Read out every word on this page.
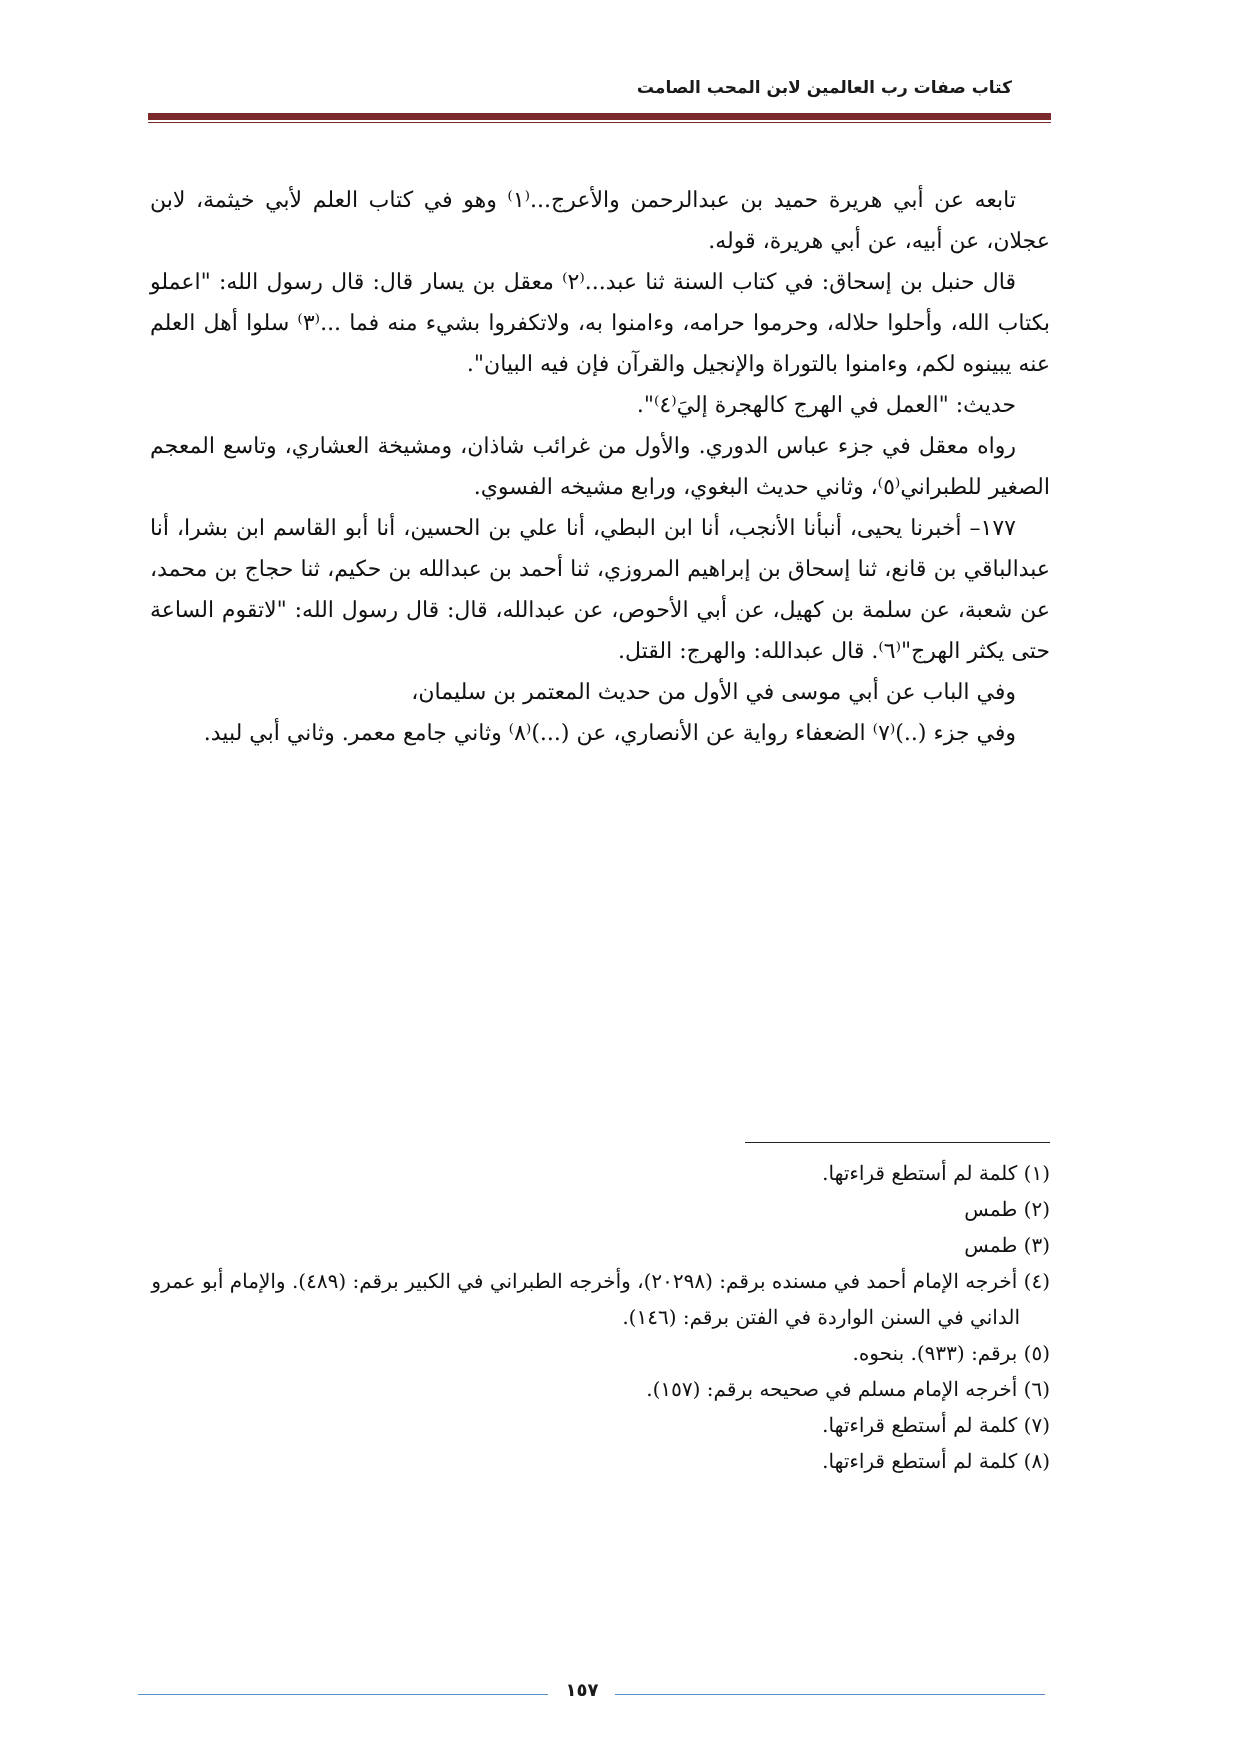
كتاب صفات رب العالمين لابن المحب الصامت

تابعه عن أبي هريرة حميد بن عبدالرحمن والأعرج...⁽١⁾ وهو في كتاب العلم لأبي خيثمة، لابن عجلان، عن أبيه، عن أبي هريرة، قوله.

قال حنبل بن إسحاق: في كتاب السنة ثنا عبد...⁽٢⁾ معقل بن يسار قال: قال رسول الله: "اعملو بكتاب الله، وأحلوا حلاله، وحرموا حرامه، وءامنوا به، ولاتكفروا بشيء منه فما ...⁽٣⁾ سلوا أهل العلم عنه يبينوه لكم، وءامنوا بالتوراة والإنجيل والقرآن فإن فيه البيان".

حديث: "العمل في الهرج كالهجرة إليَ⁽٤⁾".

رواه معقل في جزء عباس الدوري. والأول من غرائب شاذان، ومشيخة العشاري، وتاسع المعجم الصغير للطبراني⁽٥⁾، وثاني حديث البغوي، ورابع مشيخه الفسوي.

١٧٧– أخبرنا يحيى، أنبأنا الأنجب، أنا ابن البطي، أنا علي بن الحسين، أنا أبو القاسم ابن بشرا، أنا عبدالباقي بن قانع، ثنا إسحاق بن إبراهيم المروزي، ثنا أحمد بن عبدالله بن حكيم، ثنا حجاج بن محمد، عن شعبة، عن سلمة بن كهيل، عن أبي الأحوص، عن عبدالله، قال: قال رسول الله: "لاتقوم الساعة حتى يكثر الهرج"⁽٦⁾. قال عبدالله: والهرج: القتل.

وفي الباب عن أبي موسى في الأول من حديث المعتمر بن سليمان،

وفي جزء (..)⁽٧⁾ الضعفاء رواية عن الأنصاري، عن (...)⁽٨⁾ وثاني جامع معمر. وثاني أبي لبيد.

(١) كلمة لم أستطع قراءتها.

(٢) طمس

(٣) طمس

(٤) أخرجه الإمام أحمد في مسنده برقم: (٢٠٢٩٨)، وأخرجه الطبراني في الكبير برقم: (٤٨٩). والإمام أبو عمرو الداني في السنن الواردة في الفتن برقم: (١٤٦).

(٥) برقم: (٩٣٣). بنحوه.

(٦) أخرجه الإمام مسلم في صحيحه برقم: (١٥٧).

(٧) كلمة لم أستطع قراءتها.

(٨) كلمة لم أستطع قراءتها.

١٥٧
